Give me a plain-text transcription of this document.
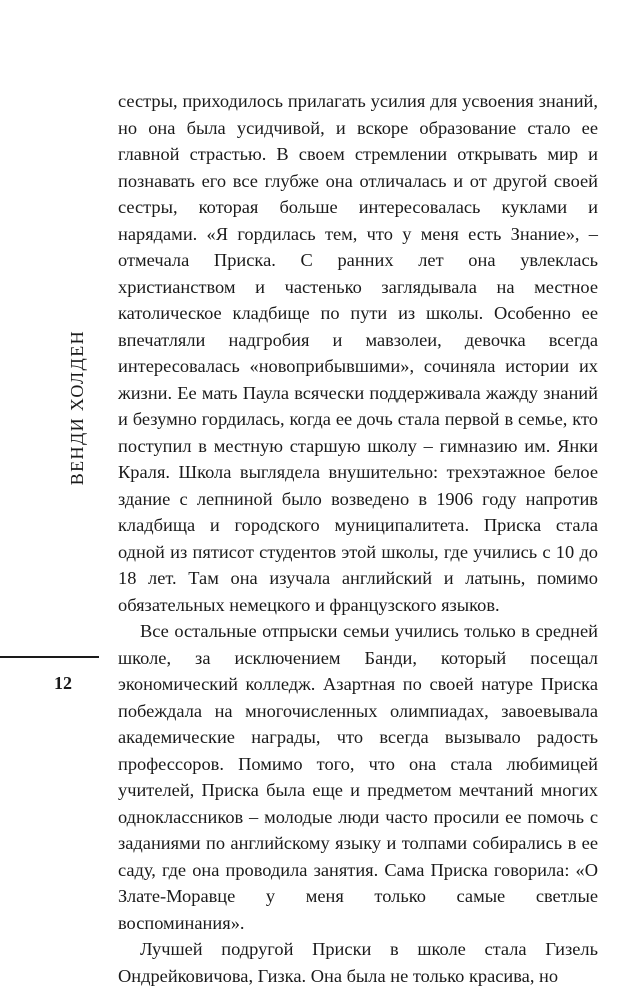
сестры, приходилось прилагать усилия для усвоения знаний, но она была усидчивой, и вскоре образование стало ее главной страстью. В своем стремлении открывать мир и познавать его все глубже она отличалась и от другой своей сестры, которая больше интересовалась куклами и нарядами. «Я гордилась тем, что у меня есть Знание», – отмечала Приска. С ранних лет она увлеклась христианством и частенько заглядывала на местное католическое кладбище по пути из школы. Особенно ее впечатляли надгробия и мавзолеи, девочка всегда интересовалась «новоприбывшими», сочиняла истории их жизни. Ее мать Паула всячески поддерживала жажду знаний и безумно гордилась, когда ее дочь стала первой в семье, кто поступил в местную старшую школу – гимназию им. Янки Краля. Школа выглядела внушительно: трехэтажное белое здание с лепниной было возведено в 1906 году напротив кладбища и городского муниципалитета. Приска стала одной из пятисот студентов этой школы, где учились с 10 до 18 лет. Там она изучала английский и латынь, помимо обязательных немецкого и французского языков.

Все остальные отпрыски семьи учились только в средней школе, за исключением Банди, который посещал экономический колледж. Азартная по своей натуре Приска побеждала на многочисленных олимпиадах, завоевывала академические награды, что всегда вызывало радость профессоров. Помимо того, что она стала любимицей учителей, Приска была еще и предметом мечтаний многих одноклассников – молодые люди часто просили ее помочь с заданиями по английскому языку и толпами собирались в ее саду, где она проводила занятия. Сама Приска говорила: «О Злате-Моравце у меня только самые светлые воспоминания».

Лучшей подругой Приски в школе стала Гизель Ондрейковичова, Гизка. Она была не только красива, но

ВЕНДИ ХОЛДЕН
12
